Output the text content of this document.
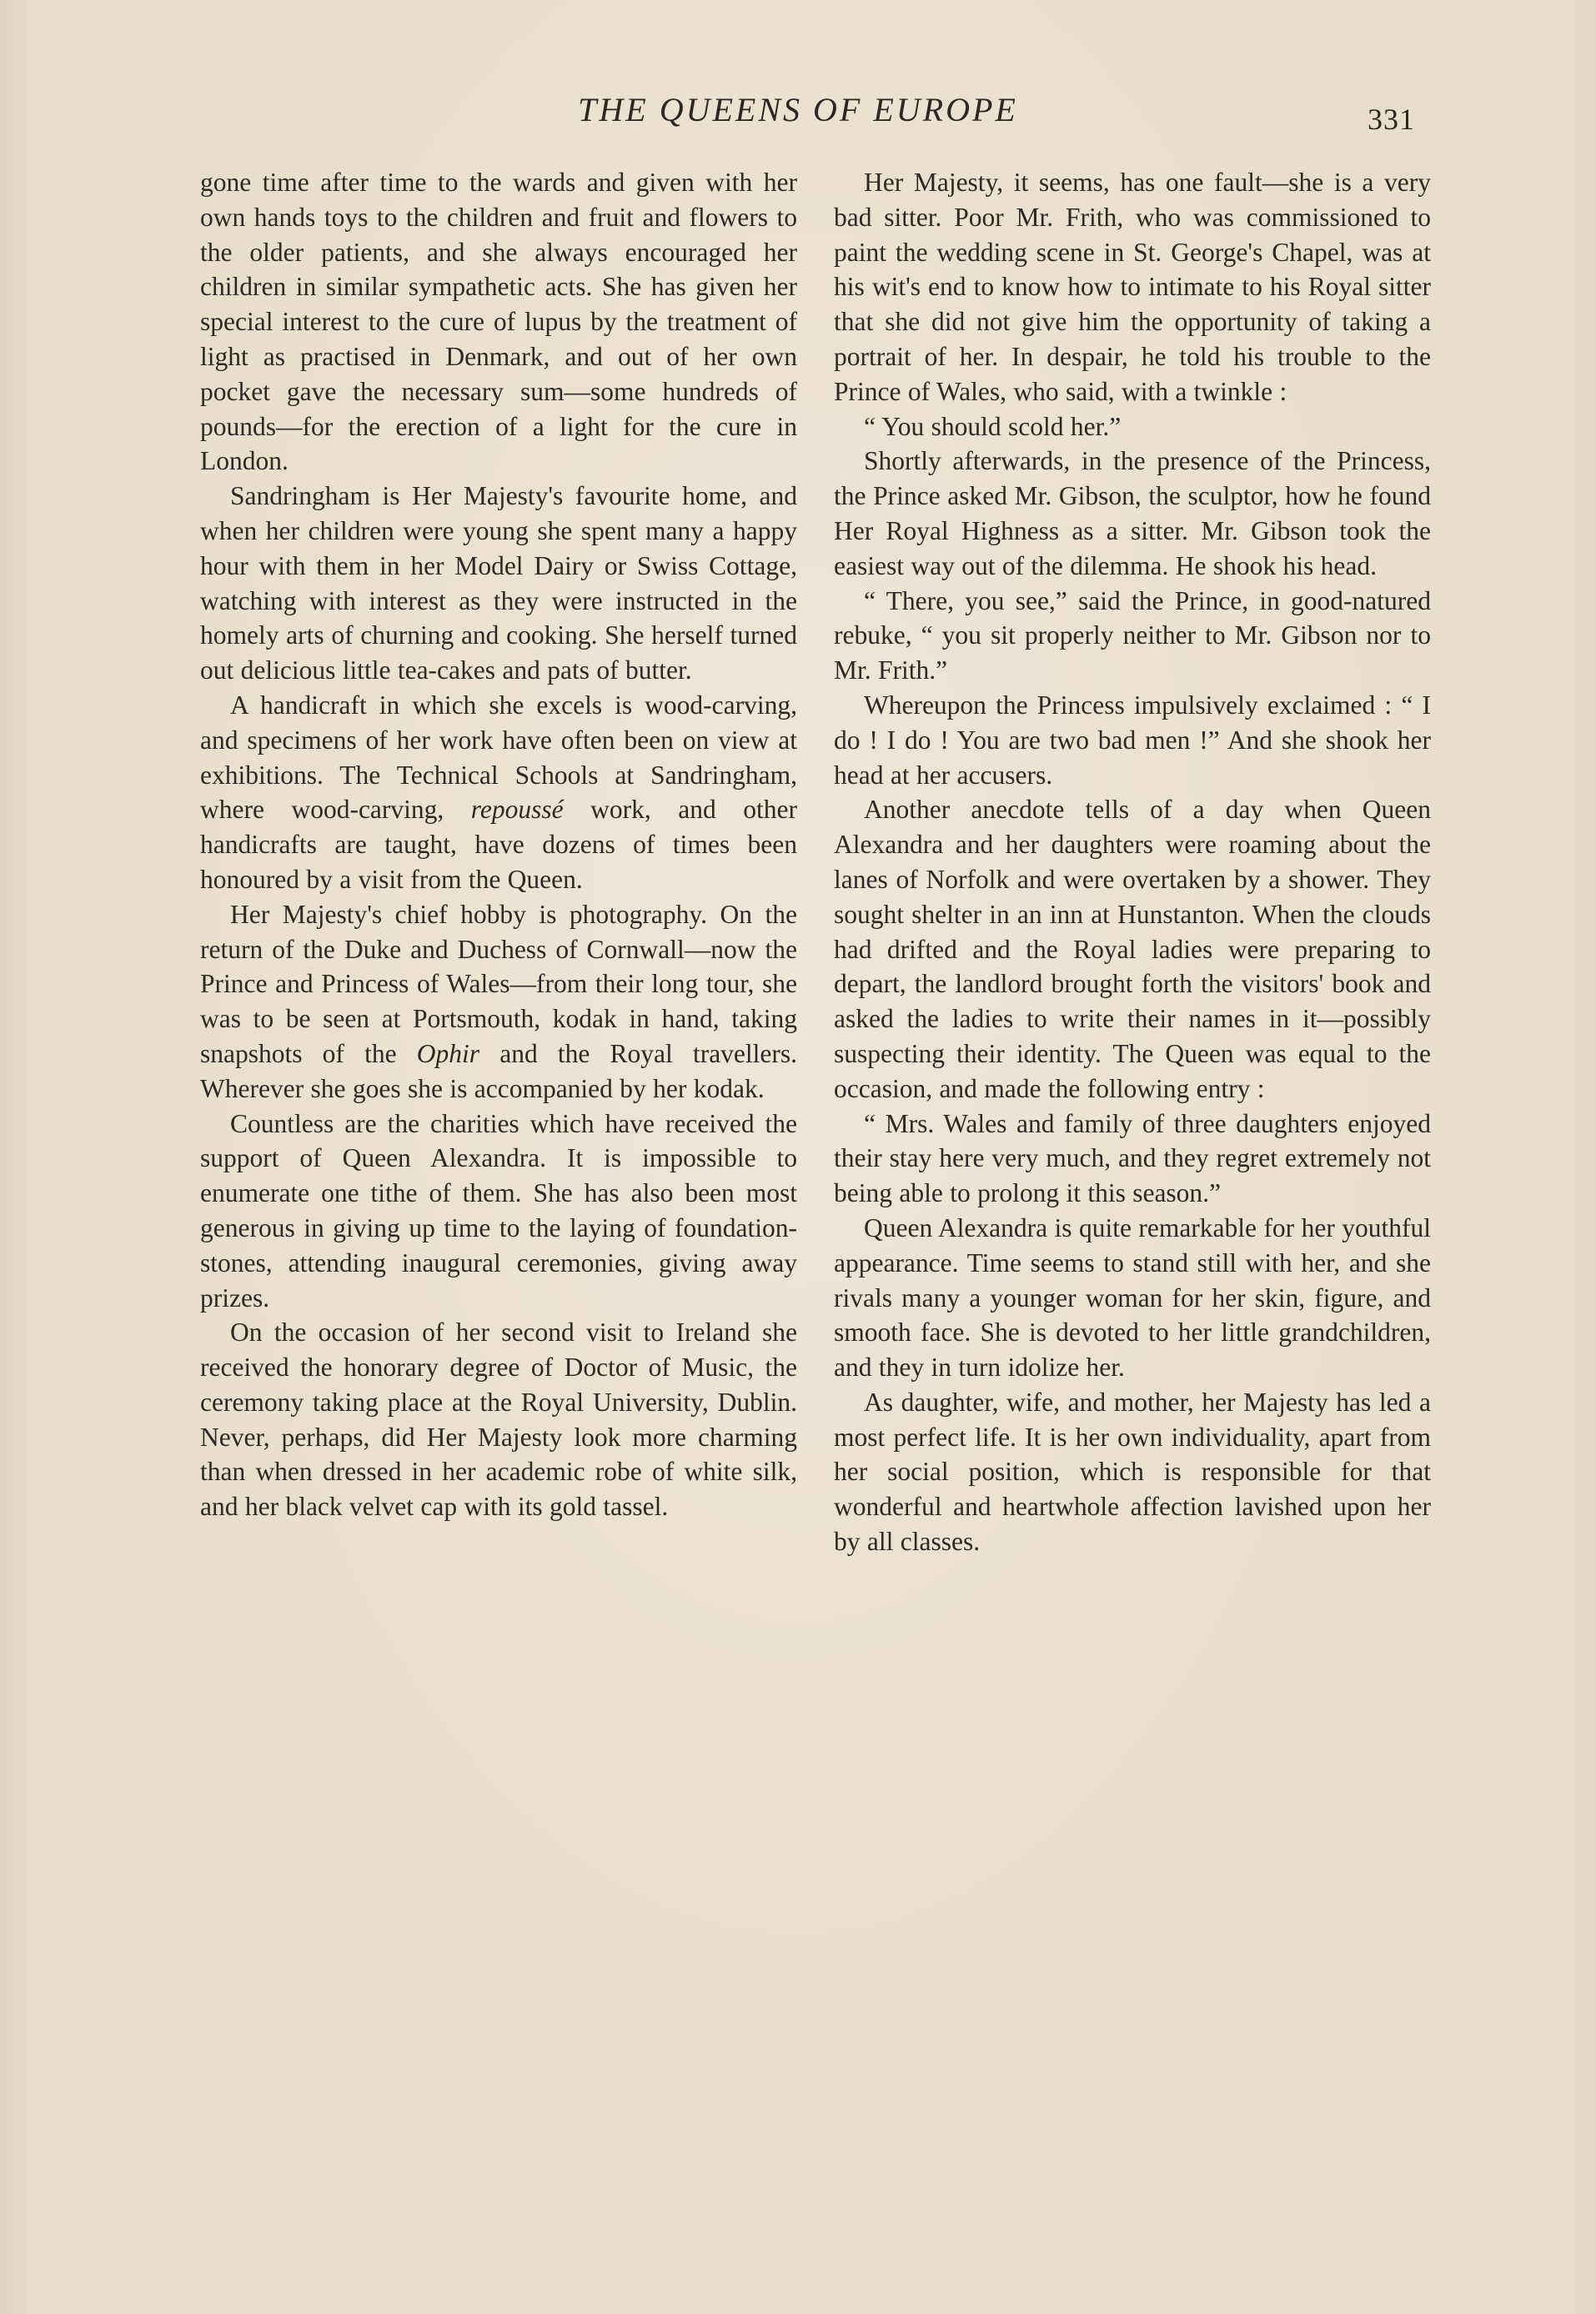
THE QUEENS OF EUROPE	331

gone time after time to the wards and given with her own hands toys to the children and fruit and flowers to the older patients, and she always encouraged her children in similar sympathetic acts. She has given her special interest to the cure of lupus by the treatment of light as practised in Denmark, and out of her own pocket gave the necessary sum—some hundreds of pounds—for the erection of a light for the cure in London.

Sandringham is Her Majesty's favourite home, and when her children were young she spent many a happy hour with them in her Model Dairy or Swiss Cottage, watching with interest as they were instructed in the homely arts of churning and cooking. She herself turned out delicious little tea-cakes and pats of butter.

A handicraft in which she excels is wood-carving, and specimens of her work have often been on view at exhibitions. The Technical Schools at Sandringham, where wood-carving, repoussé work, and other handicrafts are taught, have dozens of times been honoured by a visit from the Queen.

Her Majesty's chief hobby is photography. On the return of the Duke and Duchess of Cornwall—now the Prince and Princess of Wales—from their long tour, she was to be seen at Portsmouth, kodak in hand, taking snapshots of the Ophir and the Royal travellers. Wherever she goes she is accompanied by her kodak.

Countless are the charities which have received the support of Queen Alexandra. It is impossible to enumerate one tithe of them. She has also been most generous in giving up time to the laying of foundation-stones, attending inaugural ceremonies, giving away prizes.

On the occasion of her second visit to Ireland she received the honorary degree of Doctor of Music, the ceremony taking place at the Royal University, Dublin. Never, perhaps, did Her Majesty look more charming than when dressed in her academic robe of white silk, and her black velvet cap with its gold tassel.

Her Majesty, it seems, has one fault—she is a very bad sitter. Poor Mr. Frith, who was commissioned to paint the wedding scene in St. George's Chapel, was at his wit's end to know how to intimate to his Royal sitter that she did not give him the opportunity of taking a portrait of her. In despair, he told his trouble to the Prince of Wales, who said, with a twinkle :

“ You should scold her.”

Shortly afterwards, in the presence of the Princess, the Prince asked Mr. Gibson, the sculptor, how he found Her Royal Highness as a sitter. Mr. Gibson took the easiest way out of the dilemma. He shook his head.

“ There, you see,” said the Prince, in good-natured rebuke, “ you sit properly neither to Mr. Gibson nor to Mr. Frith.”

Whereupon the Princess impulsively exclaimed : “ I do ! I do ! You are two bad men !” And she shook her head at her accusers.

Another anecdote tells of a day when Queen Alexandra and her daughters were roaming about the lanes of Norfolk and were overtaken by a shower. They sought shelter in an inn at Hunstanton. When the clouds had drifted and the Royal ladies were preparing to depart, the landlord brought forth the visitors' book and asked the ladies to write their names in it—possibly suspecting their identity. The Queen was equal to the occasion, and made the following entry :

“ Mrs. Wales and family of three daughters enjoyed their stay here very much, and they regret extremely not being able to prolong it this season.”

Queen Alexandra is quite remarkable for her youthful appearance. Time seems to stand still with her, and she rivals many a younger woman for her skin, figure, and smooth face. She is devoted to her little grandchildren, and they in turn idolize her.

As daughter, wife, and mother, her Majesty has led a most perfect life. It is her own individuality, apart from her social position, which is responsible for that wonderful and heartwhole affection lavished upon her by all classes.
